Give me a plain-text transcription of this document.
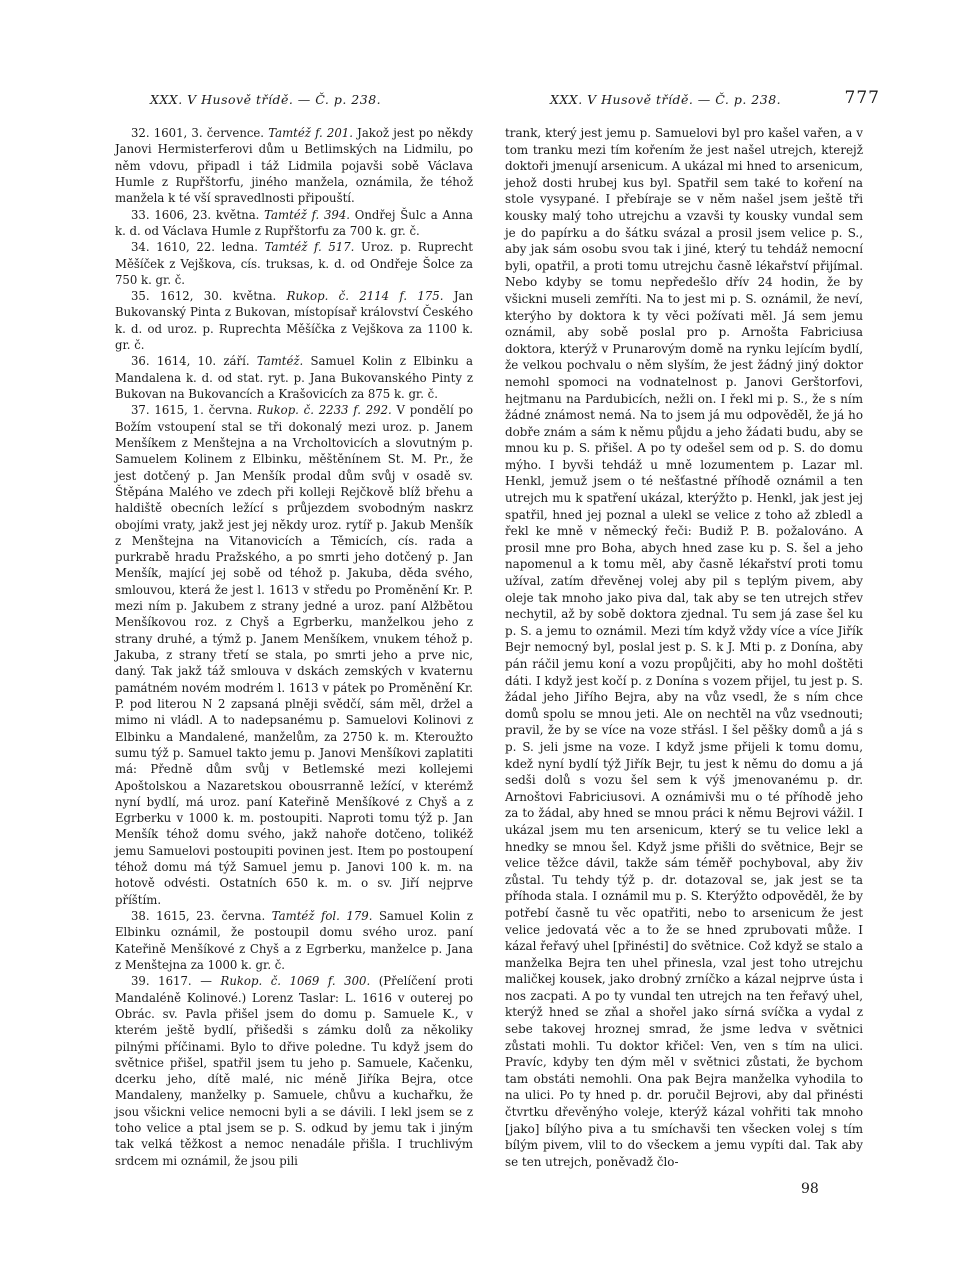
XXX. V Husově třídě. — Č. p. 238.	XXX. V Husově třídě. — Č. p. 238.	777

32. 1601, 3. července. Tamtéž f. 201. Jakož jest po někdy Janovi Hermisterferovi dům u Betlimských na Lidmilu, po něm vdovu, připadl i táž Lidmila pojavši sobě Václava Humle z Rupřštorfu, jiného manžela, oznámila, že téhož manžela k té vší spravedlnosti připouští.

33. 1606, 23. května. Tamtéž f. 394. Ondřej Šulc a Anna k. d. od Václava Humle z Rupřštorfu za 700 k. gr. č.

34. 1610, 22. ledna. Tamtéž f. 517. Uroz. p. Ruprecht Měšíček z Vejškova, cís. truksas, k. d. od Ondřeje Šolce za 750 k. gr. č.

35. 1612, 30. května. Rukop. č. 2114 f. 175. Jan Bukovanský Pinta z Bukovan, místopísař království Českého k. d. od uroz. p. Ruprechta Měšíčka z Vejškova za 1100 k. gr. č.

36. 1614, 10. září. Tamtéž. Samuel Kolin z Elbinku a Mandalena k. d. od stat. ryt. p. Jana Bukovanského Pinty z Bukovan na Bukovancích a Krašovicích za 875 k. gr. č.

37. 1615, 1. června. Rukop. č. 2233 f. 292. V pondělí po Božím vstoupení stal se tři dokonalý mezi uroz. p. Janem Menšíkem z Menštejna a na Vrcholtovicích a slovutným p. Samuelem Kolinem z Elbinku, měštěnínem St. M. Pr., že jest dotčený p. Jan Menšík prodal dům svůj v osadě sv. Štěpána Malého ve zdech při kolleji Rejčkově blíž břehu a haldiště obecních ležící s průjezdem svobodným naskrz obojími vraty, jakž jest jej někdy uroz. rytíř p. Jakub Menšík z Menštejna na Vitanovicích a Těmicích, cís. rada a purkrabě hradu Pražského, a po smrti jeho dotčený p. Jan Menšík, mající jej sobě od téhož p. Jakuba, děda svého, smlouvou, která že jest l. 1613 v středu po Proměnění Kr. P. mezi ním p. Jakubem z strany jedné a uroz. paní Alžbětou Menšíkovou roz. z Chyš a Egrberku, manželkou jeho z strany druhé, a týmž p. Janem Menšíkem, vnukem téhož p. Jakuba, z strany třetí se stala, po smrti jeho a prve nic, daný. Tak jakž táž smlouva v dskách zemských v kvaternu památném novém modrém l. 1613 v pátek po Proměnění Kr. P. pod literou N 2 zapsaná plněji svědčí, sám měl, držel a mimo ni vládl. A to nadepsanému p. Samuelovi Kolinovi z Elbinku a Mandalené, manželům, za 2750 k. m. Kteroužto sumu týž p. Samuel takto jemu p. Janovi Menšíkovi zaplatiti má: Předně dům svůj v Betlemské mezi kollejemi Apoštolskou a Nazaretskou obousrranně ležící, v kterémž nyní bydlí, má uroz. paní Kateřině Menšíkové z Chyš a z Egrberku v 1000 k. m. postoupiti. Naproti tomu týž p. Jan Menšík téhož domu svého, jakž nahoře dotčeno, tolikéž jemu Samuelovi postoupiti povinen jest. Item po postoupení téhož domu má týž Samuel jemu p. Janovi 100 k. m. na hotově odvésti. Ostatních 650 k. m. o sv. Jiří nejprve příštím.

38. 1615, 23. června. Tamtéž fol. 179. Samuel Kolin z Elbinku oznámil, že postoupil domu svého uroz. paní Kateřině Menšíkové z Chyš a z Egrberku, manželce p. Jana z Menštejna za 1000 k. gr. č.

39. 1617. — Rukop. č. 1069 f. 300. (Přelíčení proti Mandaléně Kolinové.) Lorenz Taslar: L. 1616 v outerej po Obrác. sv. Pavla přišel jsem do domu p. Samuele K., v kterém ještě bydlí, přišedši s zámku dolů za několiky pilnými příčinami. Bylo to dřive poledne. Tu když jsem do světnice přišel, spatřil jsem tu jeho p. Samuele, Kačenku, dcerku jeho, dítě malé, nic méně Jiříka Bejra, otce Mandaleny, manželky p. Samuele, chůvu a kuchařku, že jsou všickni velice nemocni byli a se dávili. I lekl jsem se z toho velice a ptal jsem se p. S. odkud by jemu tak i jiným tak velká těžkost a nemoc nenadále přišla. I truchlivým srdcem mi oznámil, že jsou pili

trank, který jest jemu p. Samuelovi byl pro kašel vařen, a v tom tranku mezi tím kořením že jest našel utrejch, kterejž doktoři jmenují arsenicum. A ukázal mi hned to arsenicum, jehož dosti hrubej kus byl. Spatřil sem také to koření na stole vysypané. I přebíraje se v něm našel jsem ještě tři kousky malý toho utrejchu a vzavši ty kousky vundal sem je do papírku a do šátku svázal a prosil jsem velice p. S., aby jak sám osobu svou tak i jiné, který tu tehdáž nemocní byli, opatřil, a proti tomu utrejchu časně lékařství přijímal. Nebo kdyby se tomu nepředešlo dřív 24 hodin, že by všickni museli zemříti. Na to jest mi p. S. oznámil, že neví, kterýho by doktora k ty věci požívati měl. Já sem jemu oznámil, aby sobě poslal pro p. Arnošta Fabriciusa doktora, kterýž v Prunarovým domě na rynku lejícím bydlí, že velkou pochvalu o něm slyším, že jest žádný jiný doktor nemohl spomoci na vodnatelnost p. Janovi Gerštorfovi, hejtmanu na Pardubicích, nežli on. I řekl mi p. S., že s ním žádné známost nemá. Na to jsem já mu odpověděl, že já ho dobře znám a sám k němu půjdu a jeho žádati budu, aby se mnou ku p. S. přišel. A po ty odešel sem od p. S. do domu mýho. I byvši tehdáž u mně lozumentem p. Lazar ml. Henkl, jemuž jsem o té nešťastné příhodě oznámil a ten utrejch mu k spatření ukázal, kterýžto p. Henkl, jak jest jej spatřil, hned jej poznal a ulekl se velice z toho až zbledl a řekl ke mně v německý řeči: Budiž P. B. požalováno. A prosil mne pro Boha, abych hned zase ku p. S. šel a jeho napomenul a k tomu měl, aby časně lékařství proti tomu užíval, zatím dřevěnej volej aby pil s teplým pivem, aby oleje tak mnoho jako piva dal, tak aby se ten utrejch střev nechytil, až by sobě doktora zjednal. Tu sem já zase šel ku p. S. a jemu to oznámil. Mezi tím když vždy více a více Jiřík Bejr nemocný byl, poslal jest p. S. k J. Mti p. z Donína, aby pán ráčil jemu koní a vozu propůjčiti, aby ho mohl doštěti dáti. I když jest kočí p. z Donína s vozem přijel, tu jest p. S. žádal jeho Jiřího Bejra, aby na vůz vsedl, že s ním chce domů spolu se mnou jeti. Ale on nechtěl na vůz vsednouti; pravil, že by se více na voze střásl. I šel pěšky domů a já s p. S. jeli jsme na voze. I když jsme přijeli k tomu domu, kdež nyní bydlí týž Jiřík Bejr, tu jest k němu do domu a já sedši dolů s vozu šel sem k výš jmenovanému p. dr. Arnoštovi Fabriciusovi. A oznámivši mu o té příhodě jeho za to žádal, aby hned se mnou práci k němu Bejrovi vážil. I ukázal jsem mu ten arsenicum, který se tu velice lekl a hnedky se mnou šel. Když jsme přišli do světnice, Bejr se velice těžce dávil, takže sám téměř pochyboval, aby živ zůstal. Tu tehdy týž p. dr. dotazoval se, jak jest se ta příhoda stala. I oznámil mu p. S. Kterýžto odpověděl, že by potřebí časně tu věc opatřiti, nebo to arsenicum že jest velice jedovatá věc a to že se hned zprubovati může. I kázal řeřavý uhel [přinésti] do světnice. Což když se stalo a manželka Bejra ten uhel přinesla, vzal jest toho utrejchu maličkej kousek, jako drobný zrníčko a kázal nejprve ústa i nos zacpati. A po ty vundal ten utrejch na ten řeřavý uhel, kterýž hned se zňal a shořel jako sírná svíčka a vydal z sebe takovej hroznej smrad, že jsme ledva v světnici zůstati mohli. Tu doktor křičel: Ven, ven s tím na ulici. Pravíc, kdyby ten dým měl v světnici zůstati, že bychom tam obstáti nemohli. Ona pak Bejra manželka vyhodila to na ulici. Po ty hned p. dr. poručil Bejrovi, aby dal přinésti čtvrtku dřevěnýho voleje, kterýž kázal vohřiti tak mnoho [jako] bílýho piva a tu smíchavši ten všecken volej s tím bílým pivem, vlil to do všeckem a jemu vypíti dal. Tak aby se ten utrejch, poněvadž člo-

98
